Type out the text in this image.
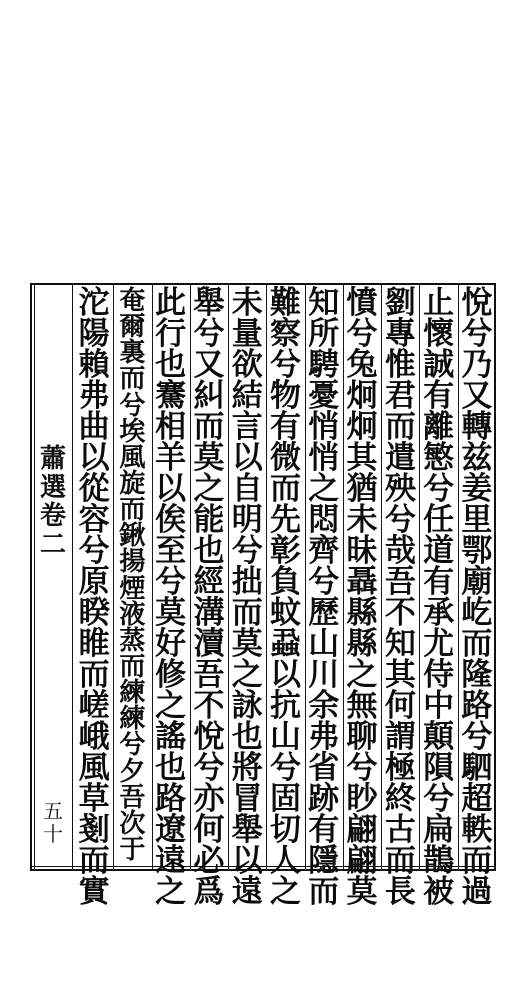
蕭
選
卷
二
五
十
悅
兮
乃
又
轉
兹
姜
里
鄂
廟
屹
而
隆
路
兮
駟
超
軼
而
過
止
懷
誠
有
離
慜
兮
任
道
有
承
尤
侍
中
顛
隕
兮
扁
鵲
被
劉
專
惟
君
而
遣
殃
兮
哉
吾
不
知
其
何
謂
極
終
古
而
長
憤
兮
兔
炯
炯
其
猶
未
昧
聶
縣
縣
之
無
聊
兮
眇
翩
翩
莫
知
所
騁
憂
悄
悄
之
悶
齊
兮
歷
山
川
余
弗
省
跡
有
隱
而
難
察
兮
物
有
微
而
先
彰
負
蚊
蝨
以
抗
山
兮
固
切
人
之
未
量
欲
結
言
以
自
明
兮
拙
而
莫
之
詠
也
將
冒
舉
以
遠
舉
兮
又
糾
而
莫
之
能
也
經
溝
瀆
吾
不
悅
兮
亦
何
必
爲
此
行
也
騫
相
羊
以
俟
至
兮
莫
好
修
之
謠
也
路
遼
遠
之
奄
爾
裏
而
兮
埃
風
旋
而
鍬
揚
煙
液
蒸
而
練
練
兮
夕
吾
次
于
沱
陽
賴
弗
曲
以
從
容
兮
原
睽
睢
而
嵯
峨
風
草
剗
而
實
